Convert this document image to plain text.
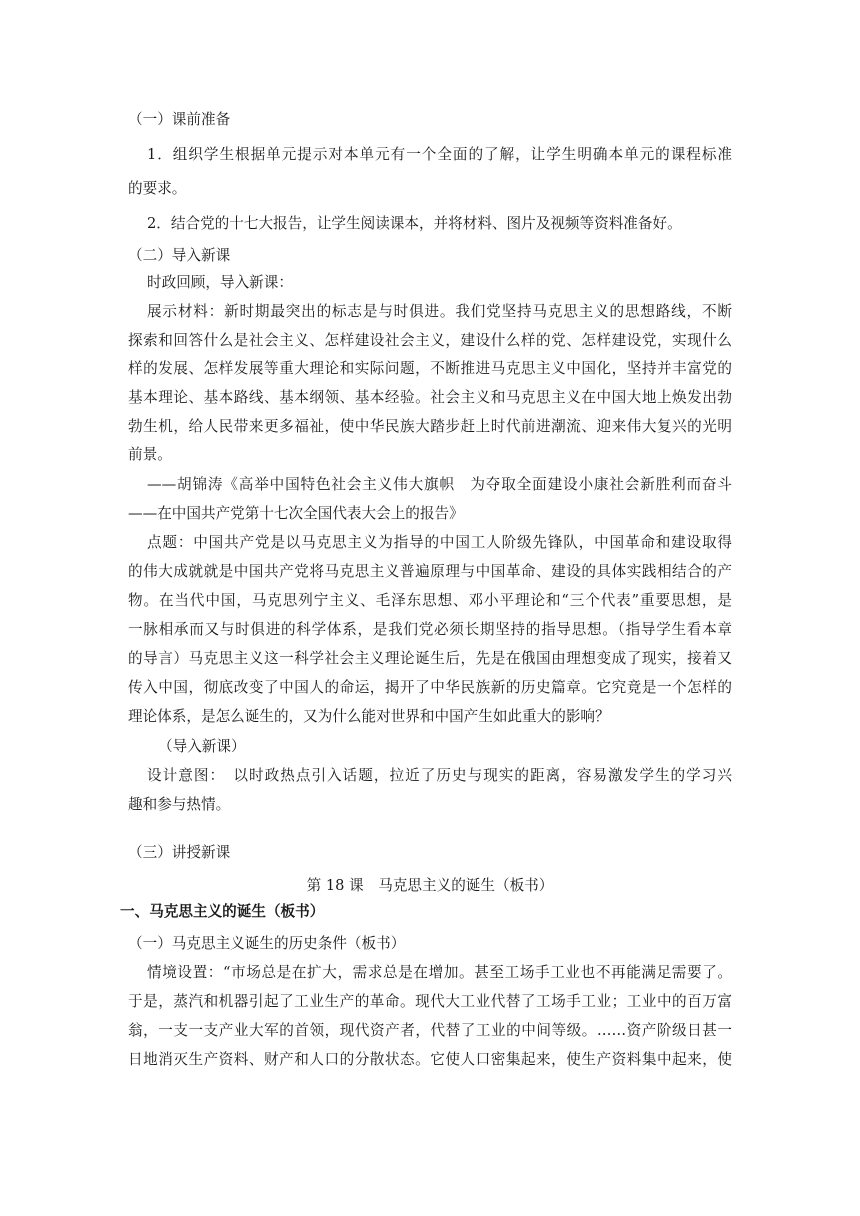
（一）课前准备
1．组织学生根据单元提示对本单元有一个全面的了解，让学生明确本单元的课程标准
的要求。
2．结合党的十七大报告，让学生阅读课本，并将材料、图片及视频等资料准备好。
（二）导入新课
时政回顾，导入新课：
展示材料：新时期最突出的标志是与时俱进。我们党坚持马克思主义的思想路线，不断
探索和回答什么是社会主义、怎样建设社会主义，建设什么样的党、怎样建设党，实现什么
样的发展、怎样发展等重大理论和实际问题，不断推进马克思主义中国化，坚持并丰富党的
基本理论、基本路线、基本纲领、基本经验。社会主义和马克思主义在中国大地上焕发出勃
勃生机，给人民带来更多福祉，使中华民族大踏步赶上时代前进潮流、迎来伟大复兴的光明
前景。
——胡锦涛《高举中国特色社会主义伟大旗帜　为夺取全面建设小康社会新胜利而奋斗
——在中国共产党第十七次全国代表大会上的报告》
点题：中国共产党是以马克思主义为指导的中国工人阶级先锋队，中国革命和建设取得
的伟大成就就是中国共产党将马克思主义普遍原理与中国革命、建设的具体实践相结合的产
物。在当代中国，马克思列宁主义、毛泽东思想、邓小平理论和“三个代表”重要思想，是
一脉相承而又与时俱进的科学体系，是我们党必须长期坚持的指导思想。（指导学生看本章
的导言）马克思主义这一科学社会主义理论诞生后，先是在俄国由理想变成了现实，接着又
传入中国，彻底改变了中国人的命运，揭开了中华民族新的历史篇章。它究竟是一个怎样的
理论体系，是怎么诞生的，又为什么能对世界和中国产生如此重大的影响？
（导入新课）
设计意图：　以时政热点引入话题，拉近了历史与现实的距离，容易激发学生的学习兴
趣和参与热情。
（三）讲授新课
第 18 课　马克思主义的诞生（板书）
一、马克思主义的诞生（板书）
（一）马克思主义诞生的历史条件（板书）
情境设置：“市场总是在扩大，需求总是在增加。甚至工场手工业也不再能满足需要了。
于是，蒸汽和机器引起了工业生产的革命。现代大工业代替了工场手工业；工业中的百万富
翁，一支一支产业大军的首领，现代资产者，代替了工业的中间等级。……资产阶级日甚一
日地消灭生产资料、财产和人口的分散状态。它使人口密集起来，使生产资料集中起来，使
